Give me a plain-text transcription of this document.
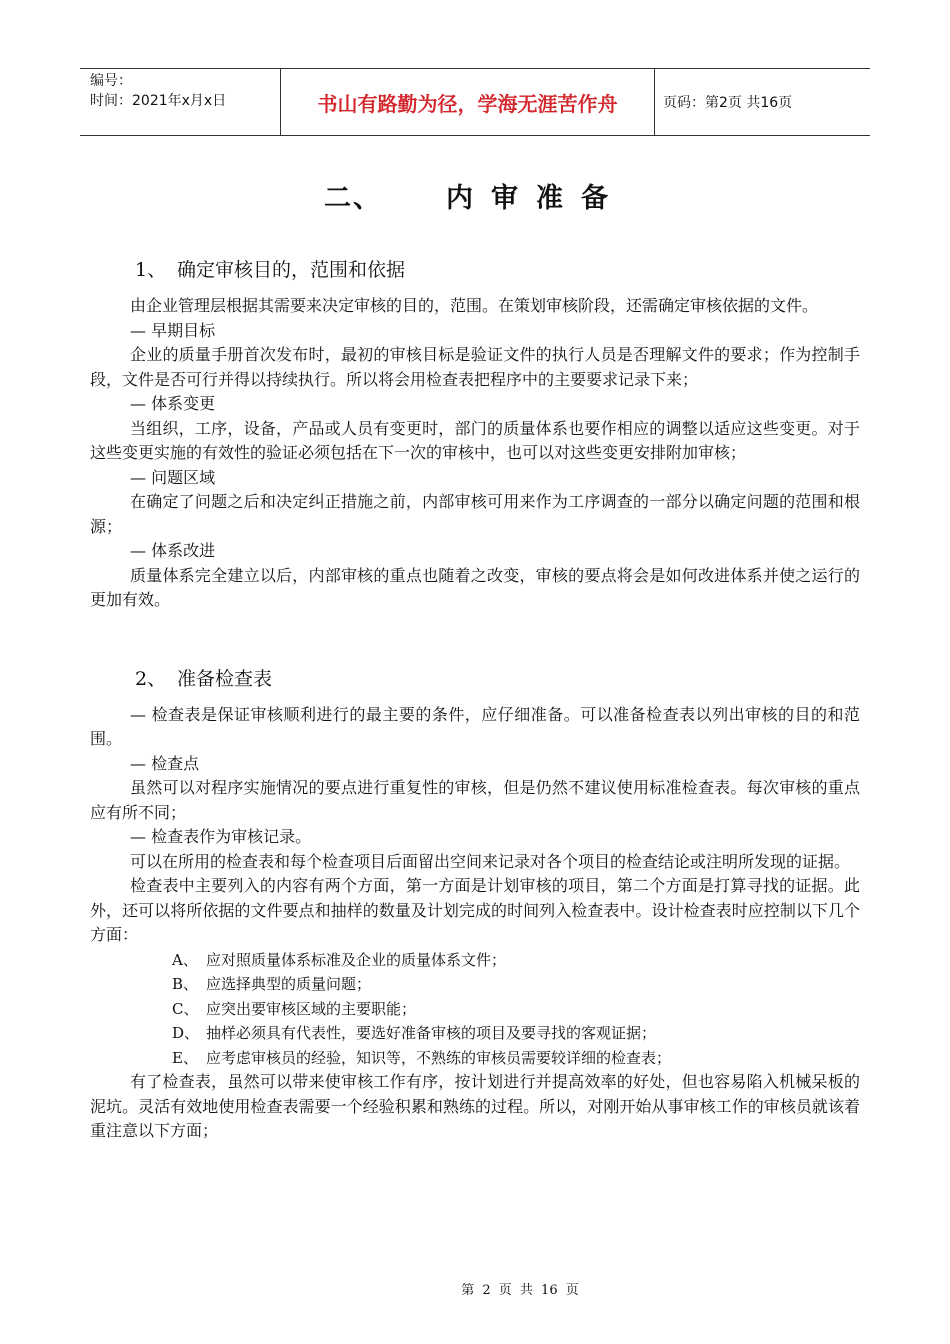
编号：
时间：2021年x月x日	书山有路勤为径，学海无涯苦作舟	页码：第2页 共16页
二、 内审准备
1、 确定审核目的，范围和依据

由企业管理层根据其需要来决定审核的目的，范围。在策划审核阶段，还需确定审核依据的文件。

— 早期目标

企业的质量手册首次发布时，最初的审核目标是验证文件的执行人员是否理解文件的要求；作为控制手段，文件是否可行并得以持续执行。所以将会用检查表把程序中的主要要求记录下来；

— 体系变更

当组织，工序，设备，产品或人员有变更时，部门的质量体系也要作相应的调整以适应这些变更。对于这些变更实施的有效性的验证必须包括在下一次的审核中，也可以对这些变更安排附加审核；

— 问题区域

在确定了问题之后和决定纠正措施之前，内部审核可用来作为工序调查的一部分以确定问题的范围和根源；

— 体系改进

质量体系完全建立以后，内部审核的重点也随着之改变，审核的要点将会是如何改进体系并使之运行的更加有效。

2、 准备检查表

— 检查表是保证审核顺利进行的最主要的条件，应仔细准备。可以准备检查表以列出审核的目的和范围。

— 检查点

虽然可以对程序实施情况的要点进行重复性的审核，但是仍然不建议使用标准检查表。每次审核的重点应有所不同；

— 检查表作为审核记录。

可以在所用的检查表和每个检查项目后面留出空间来记录对各个项目的检查结论或注明所发现的证据。

检查表中主要列入的内容有两个方面，第一方面是计划审核的项目，第二个方面是打算寻找的证据。此外，还可以将所依据的文件要点和抽样的数量及计划完成的时间列入检查表中。设计检查表时应控制以下几个方面：

A、 应对照质量体系标准及企业的质量体系文件；

B、 应选择典型的质量问题；

C、 应突出要审核区域的主要职能；

D、 抽样必须具有代表性，要选好准备审核的项目及要寻找的客观证据；

E、 应考虑审核员的经验，知识等，不熟练的审核员需要较详细的检查表；

有了检查表，虽然可以带来使审核工作有序，按计划进行并提高效率的好处，但也容易陷入机械呆板的泥坑。灵活有效地使用检查表需要一个经验积累和熟练的过程。所以，对刚开始从事审核工作的审核员就该着重注意以下方面；

第 2 页 共 16 页
